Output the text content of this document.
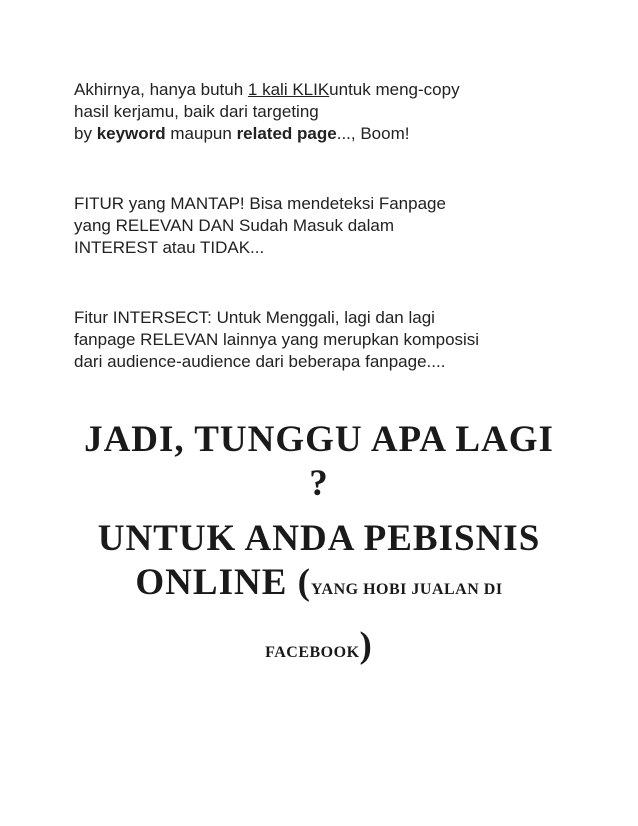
Akhirnya, hanya butuh 1 kali KLIKuntuk meng-copy
hasil kerjamu, baik dari targeting
by keyword maupun related page..., Boom!

FITUR yang MANTAP! Bisa mendeteksi Fanpage
yang RELEVAN DAN Sudah Masuk dalam
INTEREST atau TIDAK...

Fitur INTERSECT: Untuk Menggali, lagi dan lagi
fanpage RELEVAN lainnya yang merupkan komposisi
dari audience-audience dari beberapa fanpage....

JADI, TUNGGU APA LAGI
?
UNTUK ANDA PEBISNIS
ONLINE (YANG HOBI JUALAN DI
FACEBOOK)
